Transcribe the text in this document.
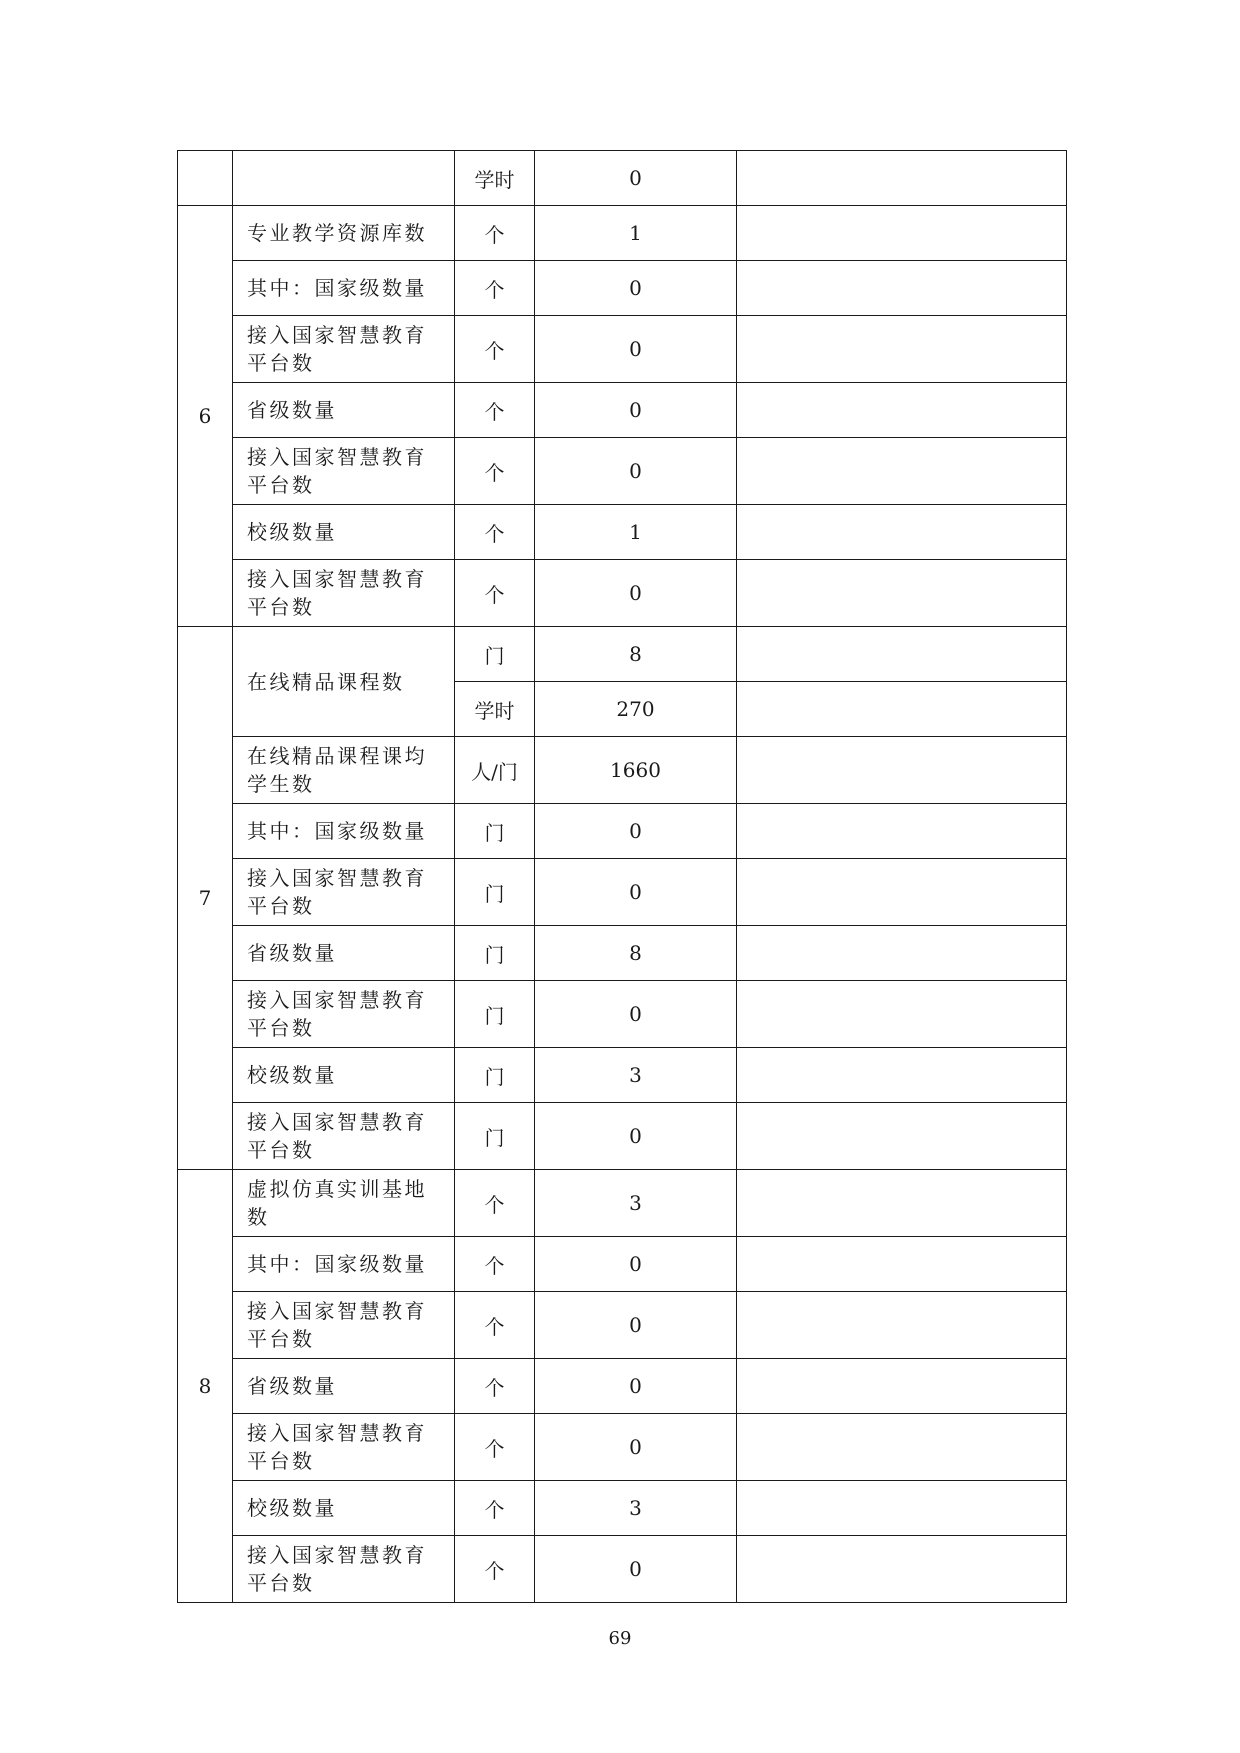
		学时	0	
6	专业教学资源库数	个	1	
	其中：国家级数量	个	0	
	接入国家智慧教育平台数	个	0	
	省级数量	个	0	
	接入国家智慧教育平台数	个	0	
	校级数量	个	1	
	接入国家智慧教育平台数	个	0	
7	在线精品课程数	门	8	
		学时	270	
	在线精品课程课均学生数	人/门	1660	
	其中：国家级数量	门	0	
	接入国家智慧教育平台数	门	0	
	省级数量	门	8	
	接入国家智慧教育平台数	门	0	
	校级数量	门	3	
	接入国家智慧教育平台数	门	0	
8	虚拟仿真实训基地数	个	3	
	其中：国家级数量	个	0	
	接入国家智慧教育平台数	个	0	
	省级数量	个	0	
	接入国家智慧教育平台数	个	0	
	校级数量	个	3	
	接入国家智慧教育平台数	个	0	
69
